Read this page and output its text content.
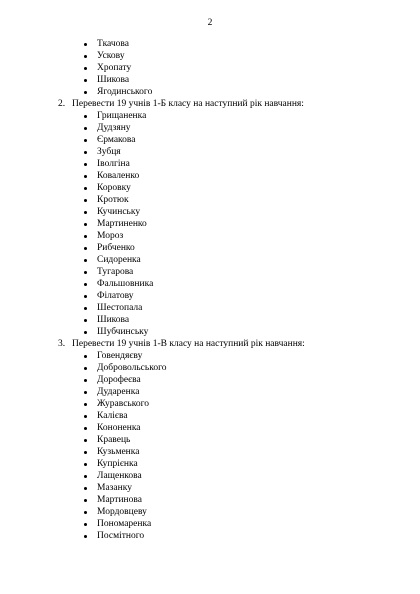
2
Ткачова
Ускову
Хропату
Шикова
Ягодинського
2. Перевести 19 учнів 1-Б класу на наступний рік навчання:
Грищаненка
Дудзяну
Єрмакова
Зубця
Іволгіна
Коваленко
Коровку
Кротюк
Кучинську
Мартиненко
Мороз
Рибченко
Сидоренка
Тугарова
Фальшовника
Філатову
Шестопала
Шикова
Шубчинську
3. Перевести 19 учнів 1-В класу на наступний рік навчання:
Говендяєву
Добровольського
Дорофеєва
Дударенка
Журавського
Калієва
Кононенка
Кравець
Кузьменка
Купрієнка
Лащенкова
Мазанку
Мартинова
Мордовцеву
Пономаренка
Посмітного
